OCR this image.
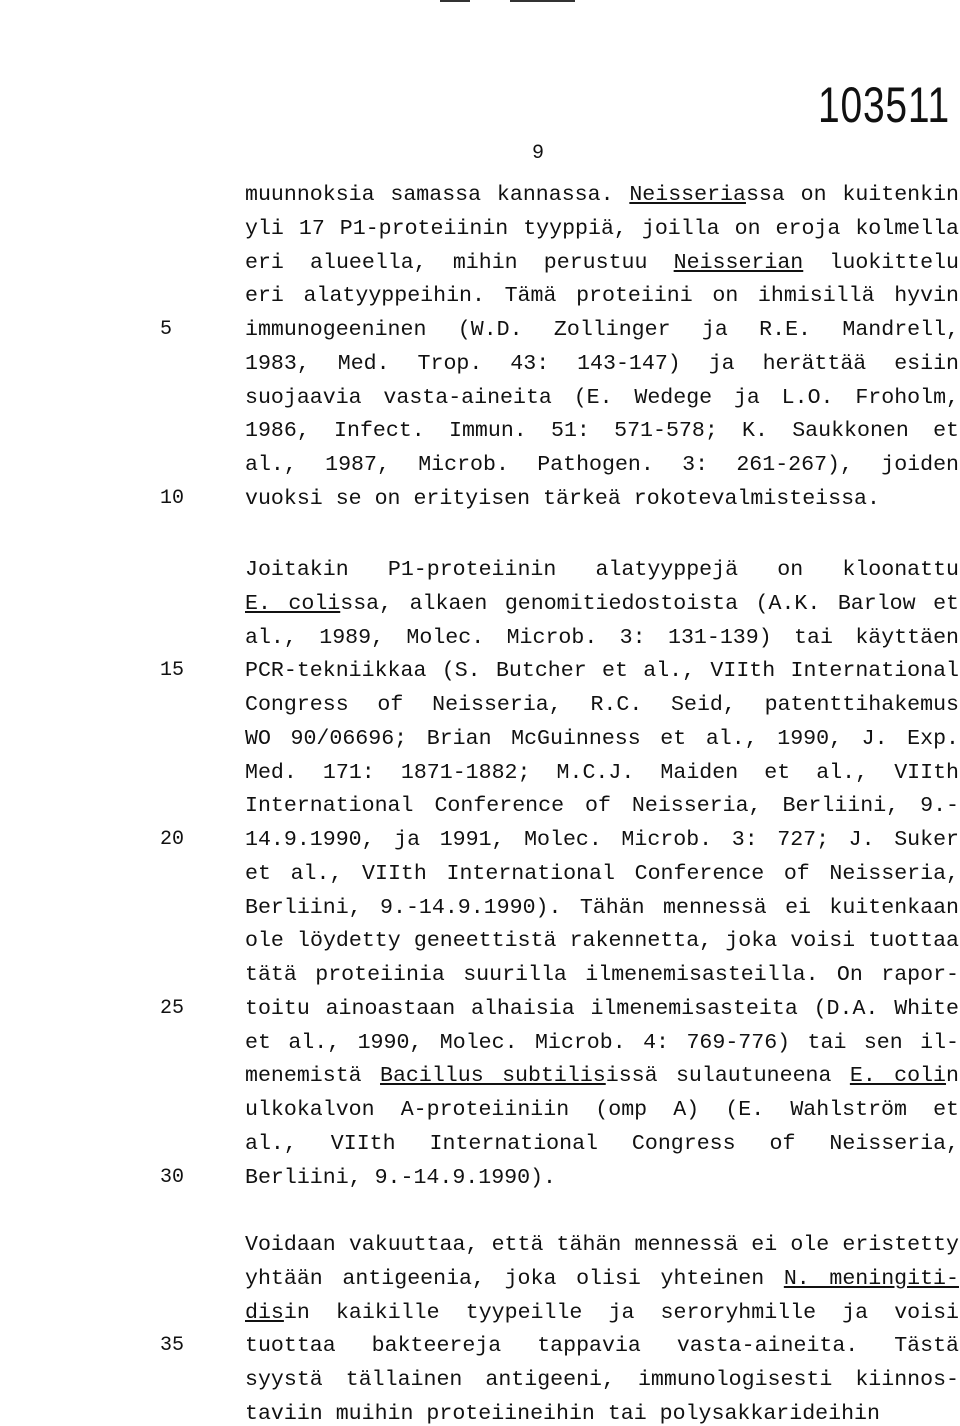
103511
9
muunnoksia samassa kannassa. Neisseriassa on kuitenkin
yli 17 P1-proteiinin tyyppiä, joilla on eroja kolmella
eri alueella, mihin perustuu Neisserian luokittelu
eri alatyyppeihin. Tämä proteiini on ihmisillä hyvin
immunogeeninen (W.D. Zollinger ja R.E. Mandrell,
1983, Med. Trop. 43: 143-147) ja herättää esiin
suojaavia vasta-aineita (E. Wedege ja L.O. Froholm,
1986, Infect. Immun. 51: 571-578; K. Saukkonen et
al., 1987, Microb. Pathogen. 3: 261-267), joiden
vuoksi se on erityisen tärkeä rokotevalmisteissa.
Joitakin P1-proteiinin alatyyppejä on kloonattu
E. colissa, alkaen genomitiedostoista (A.K. Barlow et
al., 1989, Molec. Microb. 3: 131-139) tai käyttäen
PCR-tekniikkaa (S. Butcher et al., VIIth International
Congress of Neisseria, R.C. Seid, patenttihakemus
WO 90/06696; Brian McGuinness et al., 1990, J. Exp.
Med. 171: 1871-1882; M.C.J. Maiden et al., VIIth
International Conference of Neisseria, Berliini, 9.-
14.9.1990, ja 1991, Molec. Microb. 3: 727; J. Suker
et al., VIIth International Conference of Neisseria,
Berliini, 9.-14.9.1990). Tähän mennessä ei kuitenkaan
ole löydetty geneettistä rakennetta, joka voisi tuottaa
tätä proteiinia suurilla ilmenemisasteilla. On rapor-
toitu ainoastaan alhaisia ilmenemisasteita (D.A. White
et al., 1990, Molec. Microb. 4: 769-776) tai sen il-
menemistä Bacillus subtilisissä sulautuneena E. colin
ulkokalvon A-proteiiniin (omp A) (E. Wahlström et
al., VIIth International Congress of Neisseria,
Berliini, 9.-14.9.1990).
Voidaan vakuuttaa, että tähän mennessä ei ole eristetty
yhtään antigeenia, joka olisi yhteinen N. meningiti-
disin kaikille tyypeille ja seroryhmille ja voisi
tuottaa bakteereja tappavia vasta-aineita. Tästä
syystä tällainen antigeeni, immunologisesti kiinnos-
taviin muihin proteiineihin tai polysakkarideihin
5
10
15
20
25
30
35
